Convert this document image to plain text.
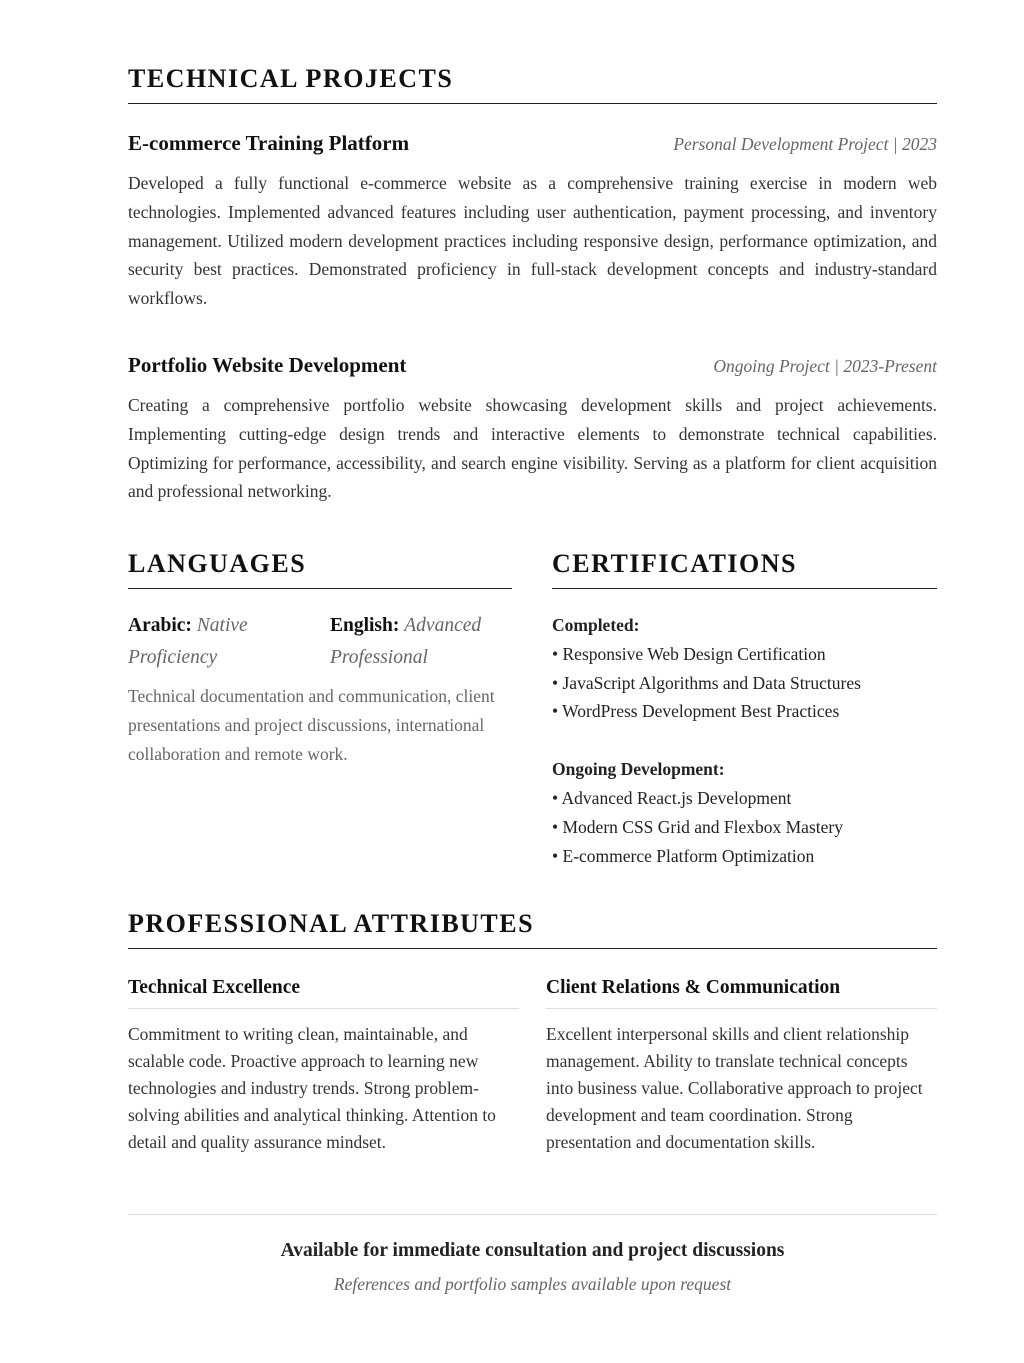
TECHNICAL PROJECTS
E-commerce Training Platform	Personal Development Project | 2023

Developed a fully functional e-commerce website as a comprehensive training exercise in modern web technologies. Implemented advanced features including user authentication, payment processing, and inventory management. Utilized modern development practices including responsive design, performance optimization, and security best practices. Demonstrated proficiency in full-stack development concepts and industry-standard workflows.

Portfolio Website Development	Ongoing Project | 2023-Present

Creating a comprehensive portfolio website showcasing development skills and project achievements. Implementing cutting-edge design trends and interactive elements to demonstrate technical capabilities. Optimizing for performance, accessibility, and search engine visibility. Serving as a platform for client acquisition and professional networking.

LANGUAGES
Arabic: Native Proficiency
English: Advanced Professional

Technical documentation and communication, client presentations and project discussions, international collaboration and remote work.

CERTIFICATIONS
Completed:
• Responsive Web Design Certification
• JavaScript Algorithms and Data Structures
• WordPress Development Best Practices
Ongoing Development:
• Advanced React.js Development
• Modern CSS Grid and Flexbox Mastery
• E-commerce Platform Optimization
PROFESSIONAL ATTRIBUTES
Technical Excellence

Commitment to writing clean, maintainable, and scalable code. Proactive approach to learning new technologies and industry trends. Strong problem-solving abilities and analytical thinking. Attention to detail and quality assurance mindset.

Client Relations & Communication

Excellent interpersonal skills and client relationship management. Ability to translate technical concepts into business value. Collaborative approach to project development and team coordination. Strong presentation and documentation skills.

Available for immediate consultation and project discussions
References and portfolio samples available upon request
